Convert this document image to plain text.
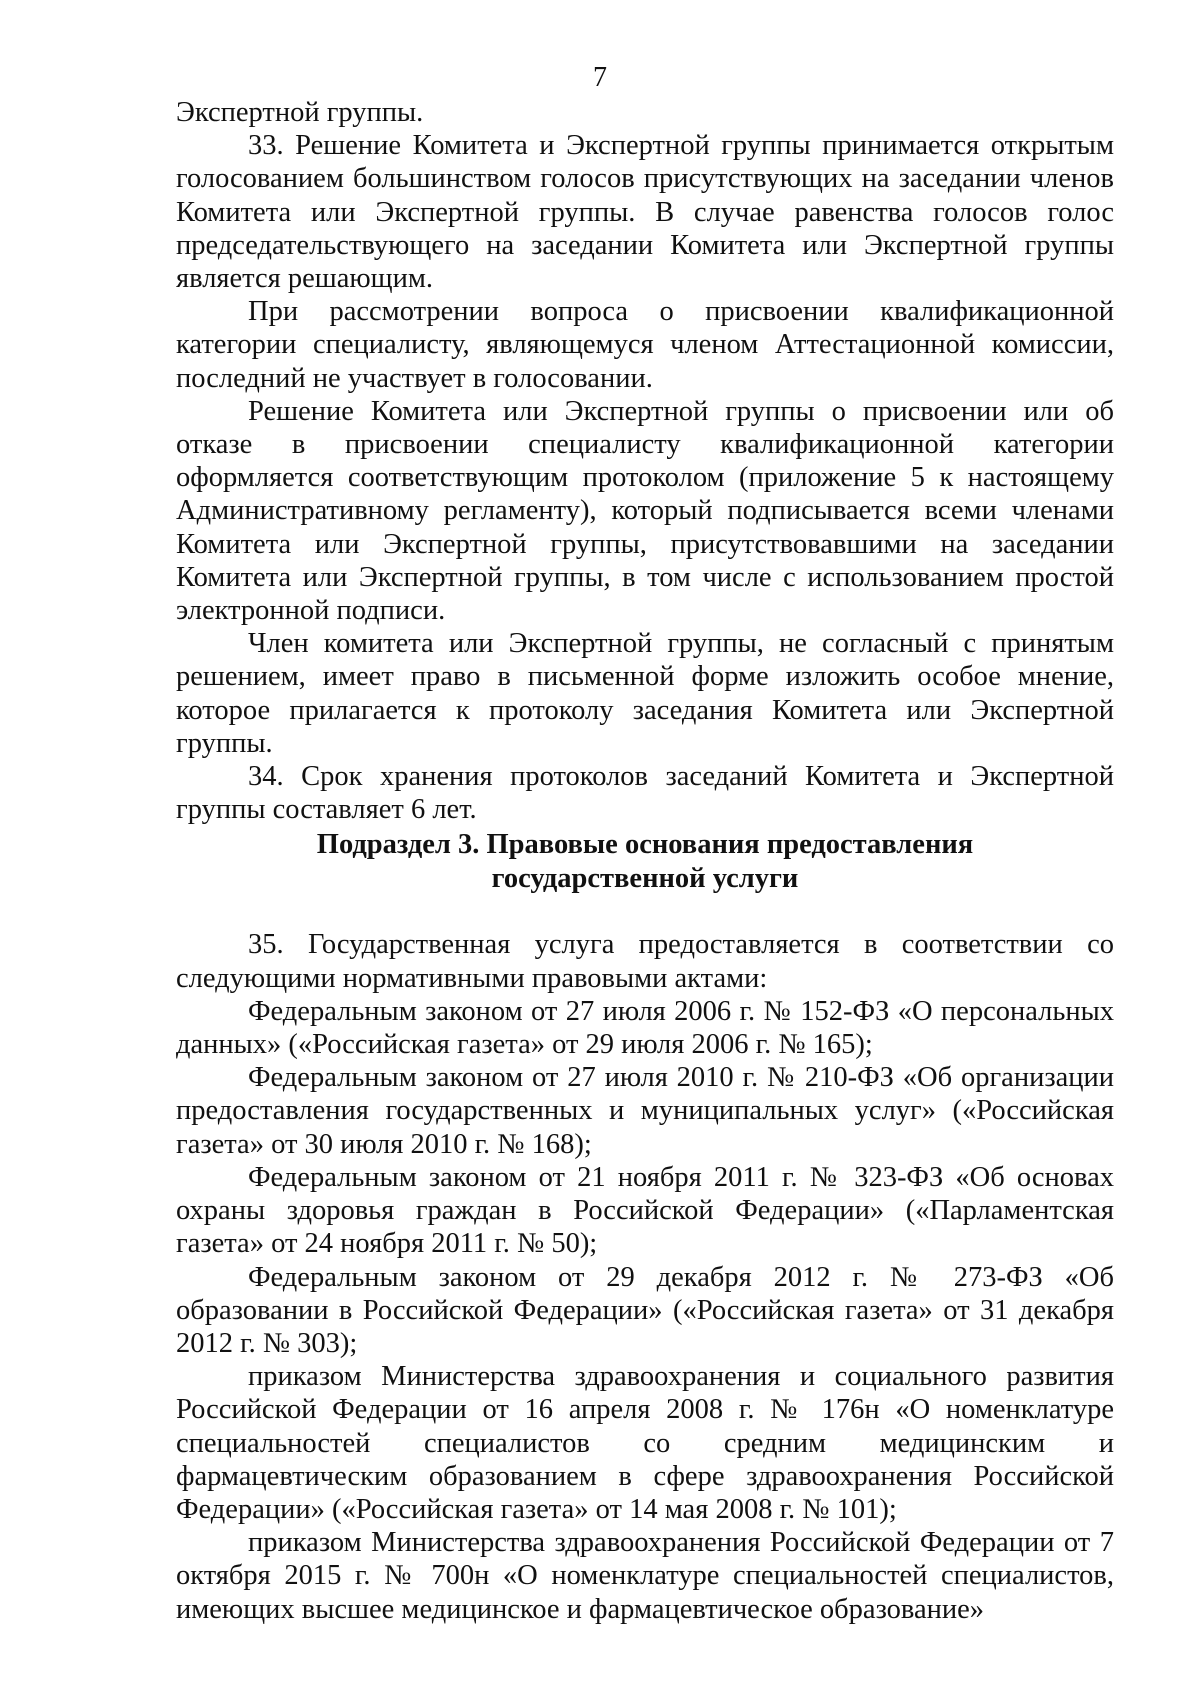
7

Экспертной группы.

33. Решение Комитета и Экспертной группы принимается открытым голосованием большинством голосов присутствующих на заседании членов Комитета или Экспертной группы. В случае равенства голосов голос председательствующего на заседании Комитета или Экспертной группы является решающим.

При рассмотрении вопроса о присвоении квалификационной категории специалисту, являющемуся членом Аттестационной комиссии, последний не участвует в голосовании.

Решение Комитета или Экспертной группы о присвоении или об отказе в присвоении специалисту квалификационной категории оформляется соответствующим протоколом (приложение 5 к настоящему Административному регламенту), который подписывается всеми членами Комитета или Экспертной группы, присутствовавшими на заседании Комитета или Экспертной группы, в том числе с использованием простой электронной подписи.

Член комитета или Экспертной группы, не согласный с принятым решением, имеет право в письменной форме изложить особое мнение, которое прилагается к протоколу заседания Комитета или Экспертной группы.

34. Срок хранения протоколов заседаний Комитета и Экспертной группы составляет 6 лет.

Подраздел 3. Правовые основания предоставления
государственной услуги

35. Государственная услуга предоставляется в соответствии со следующими нормативными правовыми актами:

Федеральным законом от 27 июля 2006 г. № 152-ФЗ «О персональных данных» («Российская газета» от 29 июля 2006 г. № 165);

Федеральным законом от 27 июля 2010 г. № 210-ФЗ «Об организации предоставления государственных и муниципальных услуг» («Российская газета» от 30 июля 2010 г. № 168);

Федеральным законом от 21 ноября 2011 г. № 323-ФЗ «Об основах охраны здоровья граждан в Российской Федерации» («Парламентская газета» от 24 ноября 2011 г. № 50);

Федеральным законом от 29 декабря 2012 г. № 273-ФЗ «Об образовании в Российской Федерации» («Российская газета» от 31 декабря 2012 г. № 303);

приказом Министерства здравоохранения и социального развития Российской Федерации от 16 апреля 2008 г. № 176н «О номенклатуре специальностей специалистов со средним медицинским и фармацевтическим образованием в сфере здравоохранения Российской Федерации» («Российская газета» от 14 мая 2008 г. № 101);

приказом Министерства здравоохранения Российской Федерации от 7 октября 2015 г. № 700н «О номенклатуре специальностей специалистов, имеющих высшее медицинское и фармацевтическое образование»
